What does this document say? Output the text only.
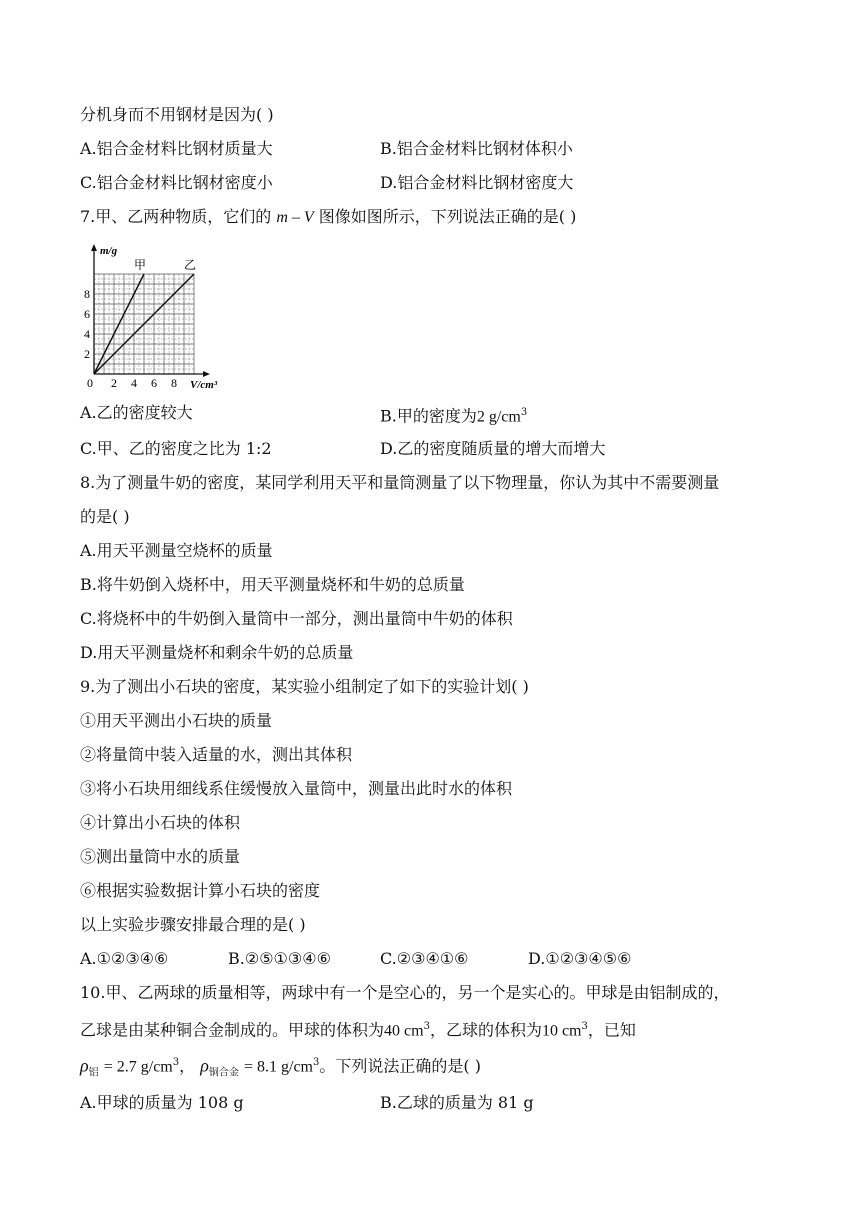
分机身而不用钢材是因为( )
A.铝合金材料比钢材质量大	B.铝合金材料比钢材体积小
C.铝合金材料比钢材密度小	D.铝合金材料比钢材密度大
7.甲、乙两种物质，它们的 m – V 图像如图所示，下列说法正确的是( )
甲	乙
0 2 4 6 8
2
4
6
8
m/g
V/cm³
A.乙的密度较大	B.甲的密度为2 $g/cm^3$
C.甲、乙的密度之比为 1:2	D.乙的密度随质量的增大而增大
8.为了测量牛奶的密度，某同学利用天平和量筒测量了以下物理量，你认为其中不需要测量
的是( )
A.用天平测量空烧杯的质量
B.将牛奶倒入烧杯中，用天平测量烧杯和牛奶的总质量
C.将烧杯中的牛奶倒入量筒中一部分，测出量筒中牛奶的体积
D.用天平测量烧杯和剩余牛奶的总质量
9.为了测出小石块的密度，某实验小组制定了如下的实验计划( )
①用天平测出小石块的质量
②将量筒中装入适量的水，测出其体积
③将小石块用细线系住缓慢放入量筒中，测量出此时水的体积
④计算出小石块的体积
⑤测出量筒中水的质量
⑥根据实验数据计算小石块的密度
以上实验步骤安排最合理的是( )
A.①②③④⑥	B.②⑤①③④⑥	C.②③④①⑥	D.①②③④⑤⑥
10.甲、乙两球的质量相等，两球中有一个是空心的，另一个是实心的。甲球是由铝制成的，
乙球是由某种铜合金制成的。甲球的体积为40 $cm^3$，乙球的体积为10 $cm^3$，已知
$\rho_铝 = 2.7$ $g/cm^3$， $\rho_{铜合金} = 8.1$ $g/cm^3$。下列说法正确的是( )
A.甲球的质量为 108 g	B.乙球的质量为 81 g
